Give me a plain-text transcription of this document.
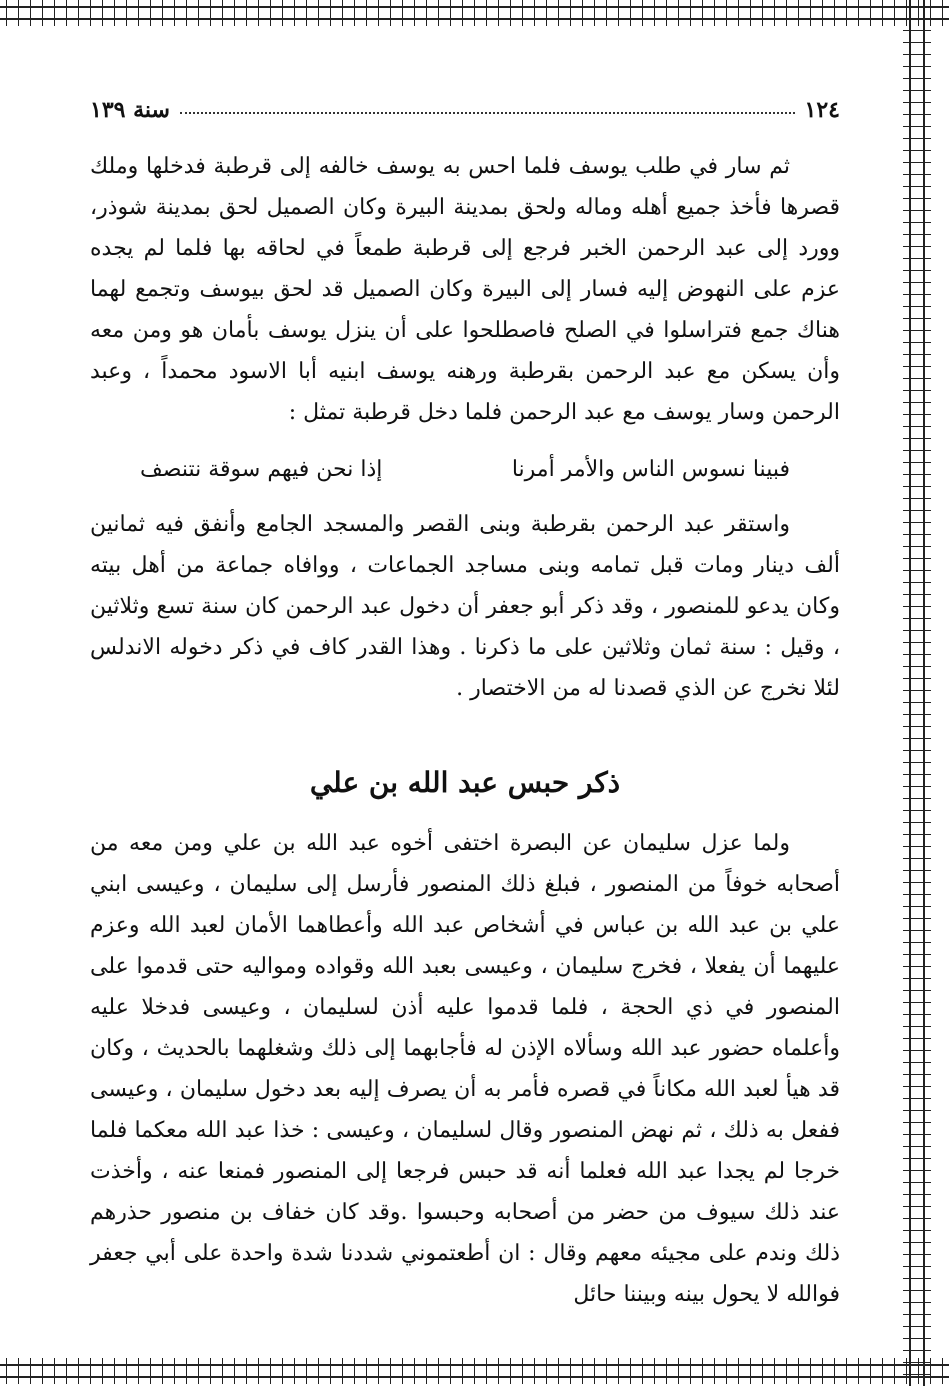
١٢٤
سنة ١٣٩

ثم سار في طلب يوسف فلما احس به يوسف خالفه إلى قرطبة فدخلها وملك قصرها فأخذ جميع أهله وماله ولحق بمدينة البيرة وكان الصميل لحق بمدينة شوذر، وورد إلى عبد الرحمن الخبر فرجع إلى قرطبة طمعاً في لحاقه بها فلما لم يجده عزم على النهوض إليه فسار إلى البيرة وكان الصميل قد لحق بيوسف وتجمع لهما هناك جمع فتراسلوا في الصلح فاصطلحوا على أن ينزل يوسف بأمان هو ومن معه وأن يسكن مع عبد الرحمن بقرطبة ورهنه يوسف ابنيه أبا الاسود محمداً ، وعبد الرحمن وسار يوسف مع عبد الرحمن فلما دخل قرطبة تمثل :

فبينا نسوس الناس والأمر أمرنا
إذا نحن فيهم سوقة نتنصف

واستقر عبد الرحمن بقرطبة وبنى القصر والمسجد الجامع وأنفق فيه ثمانين ألف دينار ومات قبل تمامه وبنى مساجد الجماعات ، ووافاه جماعة من أهل بيته وكان يدعو للمنصور ، وقد ذكر أبو جعفر أن دخول عبد الرحمن كان سنة تسع وثلاثين ، وقيل : سنة ثمان وثلاثين على ما ذكرنا . وهذا القدر كاف في ذكر دخوله الاندلس لئلا نخرج عن الذي قصدنا له من الاختصار .

ذكر حبس عبد الله بن علي

ولما عزل سليمان عن البصرة اختفى أخوه عبد الله بن علي ومن معه من أصحابه خوفاً من المنصور ، فبلغ ذلك المنصور فأرسل إلى سليمان ، وعيسى ابني علي بن عبد الله بن عباس في أشخاص عبد الله وأعطاهما الأمان لعبد الله وعزم عليهما أن يفعلا ، فخرج سليمان ، وعيسى بعبد الله وقواده ومواليه حتى قدموا على المنصور في ذي الحجة ، فلما قدموا عليه أذن لسليمان ، وعيسى فدخلا عليه وأعلماه حضور عبد الله وسألاه الإذن له فأجابهما إلى ذلك وشغلهما بالحديث ، وكان قد هيأ لعبد الله مكاناً في قصره فأمر به أن يصرف إليه بعد دخول سليمان ، وعيسى ففعل به ذلك ، ثم نهض المنصور وقال لسليمان ، وعيسى : خذا عبد الله معكما فلما خرجا لم يجدا عبد الله فعلما أنه قد حبس فرجعا إلى المنصور فمنعا عنه ، وأخذت عند ذلك سيوف من حضر من أصحابه وحبسوا .وقد كان خفاف بن منصور حذرهم ذلك وندم على مجيئه معهم وقال : ان أطعتموني شددنا شدة واحدة على أبي جعفر فوالله لا يحول بينه وبيننا حائل
